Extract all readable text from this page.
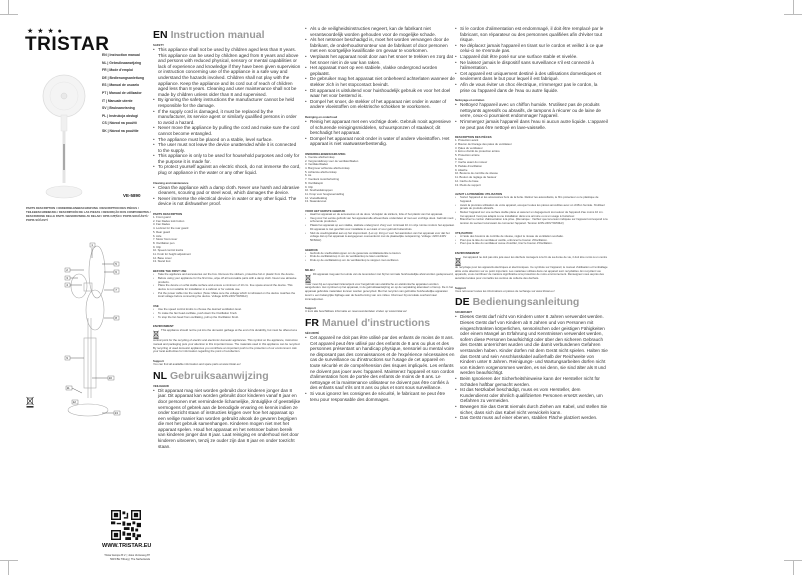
★ ★ ★ ●
TRISTAR
EN | Instruction manual
NL | Gebruiksaanwijzing
FR | Mode d'emploi
DE | Bedienungsanleitung
ES | Manual de usuario
PT | Manual de utilizador
IT | Manuale utente
SV | Bruksanvisning
PL | Instrukcja obsługi
CS | Návod na použití
SK | Návod na použitie
VE-5890
PARTS DESCRIPTION / ONDERDELENBESCHRIJVING / DESCRIPTION DES PIÈCES / TEILEBESCHREIBUNG / DESCRIPCIÓN DE LAS PIEZAS / DESCRIÇÃO DOS COMPONENTES / DESCRIZIONE DELLE PARTI / BESKRIVNING AV DELAR / OPIS CZĘŚCI / POPIS SOUČÁSTÍ / POPIS SÚČASTÍ
1
2
3
4
5
6
7
8
9
10
11
12
13
WWW.TRISTAR.EU
Tristar Europe B.V. | Jules Verneweg 87
5015 BH Tilburg | The Netherlands
EN Instruction manual
SAFETY
• This appliance shall not be used by children aged less than 8 years. This appliance can be used by children aged from 8 years and above and persons with reduced physical, sensory or mental capabilities or lack of experience and knowledge if they have been given supervision or instruction concerning use of the appliance in a safe way and understand the hazards involved. Children shall not play with the appliance. Keep the appliance and its cord out of reach of children aged less than 8 years. Cleaning and user maintenance shall not be made by children unless older than 8 and supervised.
• By ignoring the safety instructions the manufacturer cannot be held responsible for the damage.
• If the supply cord is damaged, it must be replaced by the manufacturer, its service agent or similarly qualified persons in order to avoid a hazard.
• Never move the appliance by pulling the cord and make sure the cord cannot become entangled.
• The appliance must be placed on a stable, level surface.
• The user must not leave the device unattended while it is connected to the supply.
• This appliance is only to be used for household purposes and only for the purpose it is made for.
• To protect yourself against an electric shock, do not immerse the cord, plug or appliance in the water or any other liquid.
Cleaning and maintenance
• Clean the appliance with a damp cloth. Never use harsh and abrasive cleaners, scouring pad or steel wool, which damages the device.
• Never immerse the electrical device in water or any other liquid. The device is not dishwasher proof.
PARTS DESCRIPTION
1. Front guard
2. Fan blades lock button
3. Fan blades
4. Locknut for the rear guard
5. Rear guard
6. Axle
7. Motor front cover
8. Oscillation pen
9. Clip
10. Speed control knobs
11. Knob for height adjustment
12. Base cover
13. Stand foot
BEFORE THE FIRST USE
• Take the appliance and accessories out the box. Remove the stickers, protective foil or plastic from the device.
• Before using your appliance for the first time, wipe off all removable parts with a damp cloth. Never use abrasive products.
• Place the device on a flat stable surface and ensure a minimum of 10 cm. free space around the device. This device is not suitable for installation in a cabinet or for outside use.
• Put the power cable into the socket. (Note: Make sure the voltage which is indicated on the device matches the local voltage before connecting the device. Voltage 220V-240V 50/60Hz)
USE
• Use the speed control knobs to choose the desired ventilation level.
• To make the fan head oscillate, push down the Oscillation Knob.
• To stop the fan head from oscillating, pull up the Oscillation Knob.
ENVIRONMENT
This appliance should not be put into the domestic garbage at the end of its durability, but must be offered at a central point for the recycling of electric and electronic domestic appliances. This symbol on the appliance, instruction manual and packaging puts your attention to this important issue. The materials used in this appliance can be recycled. By recycling of used domestic appliances you contribute an important push to the protection of our environment. Ask your local authorities for information regarding the point of recollection.
Support
You can find all available information and spare parts at www.tristar.eu!
NL Gebruiksaanwijzing
VEILIGHEID
• Dit apparaat mag niet worden gebruikt door kinderen jonger dan 8 jaar. Dit apparaat kan worden gebruikt door kinderen vanaf 8 jaar en door personen met verminderde lichamelijke, zintuiglijke of geestelijke vermogens of gebrek aan de benodigde ervaring en kennis indien ze onder toezicht staan of instructies krijgen over hoe het apparaat op een veilige manier kan worden gebruikt alsook de gevaren begrijpen die met het gebruik samenhangen. Kinderen mogen niet met het apparaat spelen. Houd het apparaat en het netsnoer buiten bereik van kinderen jonger dan 8 jaar. Laat reiniging en onderhoud niet door kinderen uitvoeren, tenzij ze ouder zijn dan 8 jaar en onder toezicht staan.
• Als u de veiligheidsinstructies negeert, kan de fabrikant niet verantwoordelijk worden gehouden voor de mogelijke schade.
• Als het netsnoer beschadigd is, moet het worden vervangen door de fabrikant, de onderhoudsmonteur van de fabrikant of door personen met een soortgelijke kwalificatie om gevaar te voorkomen.
• Verplaats het apparaat nooit door aan het snoer te trekken en zorg dat het snoer niet in de war kan raken.
• Het apparaat moet op een stabiele, vlakke ondergrond worden geplaatst.
• De gebruiker mag het apparaat niet onbeheerd achterlaten wanneer de stekker zich in het stopcontact bevindt.
• Dit apparaat is uitsluitend voor huishoudelijk gebruik en voor het doel waar het voor bestemd is.
• Dompel het snoer, de stekker of het apparaat niet onder in water of andere vloeistoffen om elektrische schokken te voorkomen.
Reiniging en onderhoud
• Reinig het apparaat met een vochtige doek. Gebruik nooit agressieve of schurende reinigingsmiddelen, schuursponzen of staalwol; dit beschadigt het apparaat.
• Dompel het apparaat nooit onder in water of andere vloeistoffen. Het apparaat is niet vaatwasserbestendig.
ONDERDELENBESCHRIJVING
1. Voorste afschermkap
2. Vergrendelknop voor de ventilatorbladen
3. Ventilatorbladen
4. Borgmoer achterste afschermkap
5. Achterste afschermkap
6. As
7. Voorkant motorbehuizing
8. Oscillatiepin
9. Clip
10. Snelheidsknoppen
11. Knop voor hoogteverstelling
12. Voetafdekking
13. Staandervoet
VOOR HET EERSTE GEBRUIK
• Haal het apparaat en de accessoires uit de doos. Verwijder de stickers, folie of het plastic van het apparaat.
• Veeg voor het eerste gebruik van het apparaat alle afneembare onderdelen af met een vochtige doek. Gebruik nooit schurende producten.
• Plaats het apparaat op een vlakke, stabiele ondergrond. Zorg voor minimaal 10 cm vrije ruimte rondom het apparaat. Dit apparaat is niet geschikt voor installatie in een kast of voor gebruik buitenshuis.
• Sluit de voedingskabel aan op het stopcontact. (Let op: Zorg er voor het aansluiten van het apparaat voor dat het voltage dat op het apparaat is aangegeven overeenkomt met de plaatselijke netspanning. Voltage: 220V-240V 50/60Hz)
GEBRUIK
• Gebruik de snelheidsknoppen om de gewenste ventilatiesterkte te kiezen.
• Druk de oscillatieknop in om de ventilatorkop te laten oscilleren.
• Druk op de oscillatieknop om de ventilatorkop te stoppen met oscilleren.
MILIEU
Dit apparaat mag aan het einde van de levensduur niet bij het normale huishoudelijke afval worden gedeponeerd, maar moet bij een speciaal inzamelpunt voor hergebruik van elektrische en elektronische apparaten worden aangeboden. Het symbool op het apparaat, in de gebruiksaanwijzing en op de verpakking attendeert u hierop. De in het apparaat gebruikte materialen kunnen worden gerecycled. Met het recyclen van gebruikte huishoudelijke apparaten levert u een belangrijke bijdrage aan de bescherming van ons milieu. Informeer bij uw lokale overheid naar inzamelpunten.
Support
U kunt alle beschikbare informatie en reserveonderdelen vinden op www.tristar.eu!
FR Manuel d'instructions
SÉCURITÉ
• Cet appareil ne doit pas être utilisé par des enfants de moins de 8 ans. Cet appareil peut être utilisé par des enfants de 8 ans ou plus et des personnes présentant un handicap physique, sensoriel ou mental voire ne disposant pas des connaissances et de l'expérience nécessaires en cas de surveillance ou d'instructions sur l'usage de cet appareil en toute sécurité et de compréhension des risques impliqués. Les enfants ne doivent pas jouer avec l'appareil. Maintenez l'appareil et son cordon d'alimentation hors de portée des enfants de moins de 8 ans. Le nettoyage et la maintenance utilisateur ne doivent pas être confiés à des enfants sauf s'ils ont 8 ans ou plus et sont sous surveillance.
• Si vous ignorez les consignes de sécurité, le fabricant ne peut être tenu pour responsable des dommages.
• Si le cordon d'alimentation est endommagé, il doit être remplacé par le fabricant, son réparateur ou des personnes qualifiées afin d'éviter tout risque.
• Ne déplacez jamais l'appareil en tirant sur le cordon et veillez à ce que celui-ci ne s'enroule pas.
• L'appareil doit être posé sur une surface stable et nivelée.
• Ne laissez jamais le dispositif sans surveillance s'il est connecté à l'alimentation.
• Cet appareil est uniquement destiné à des utilisations domestiques et seulement dans le but pour lequel il est fabriqué.
• Afin de vous éviter un choc électrique, n'immergez pas le cordon, la prise ou l'appareil dans de l'eau ou autre liquide.
Nettoyage et entretien
• Nettoyez l'appareil avec un chiffon humide. N'utilisez pas de produits nettoyants agressifs ou abrasifs, de tampons à récurer ou de laine de verre, ceux-ci pourraient endommager l'appareil.
• N'immergez jamais l'appareil dans l'eau ni aucun autre liquide. L'appareil ne peut pas être nettoyé en lave-vaisselle.
DESCRIPTION DES PIÈCES
1. Protection avant
2. Bouton de blocage des pales du ventilateur
3. Pales du ventilateur
4. Écrou d'arrêt de protection arrière
5. Protection arrière
6. Axe
7. Cache avant du moteur
8. Pédale d'oscillation
9. Attache
10. Boutons de contrôle de vitesse
11. Bouton de réglage de hauteur
12. Cache de base
13. Pieds de support
AVANT LA PREMIÈRE UTILISATION
• Sortez l'appareil et les accessoires hors de la boîte. Retirez les autocollants, le film protecteur ou le plastique de l'appareil.
• Avant la première utilisation de votre appareil, essuyez toutes les pièces amovibles avec un chiffon humide. N'utilisez jamais de produits abrasifs.
• Mettez l'appareil sur une surface stable plane et assurez un dégagement tout autour de l'appareil d'au moins 10 cm. Cet appareil n'est pas adapté à une installation dans une armoire ou à un usage à l'extérieur.
• Branchez le cordon d'alimentation à la prise. (Remarque : Vérifiez que la tension indiquée sur l'appareil correspond à la tension du secteur local avant de connecter l'appareil. Tension 220V-240V 50/60Hz)
UTILISATION
• À l'aide des boutons de contrôle de vitesse, réglez le niveau de ventilation souhaité.
• Pour que la tête du ventilateur oscille, enfoncez le bouton d'Oscillation.
• Pour que la tête du ventilateur cesse d'osciller, tirez le bouton d'Oscillation.
ENVIRONNEMENT
Cet appareil ne doit pas être jeté avec les déchets ménagers à la fin de sa durée de vie, il doit être remis à un centre de recyclage pour les appareils électriques et électroniques. Ce symbole sur l'appareil, le manuel d'utilisation et l'emballage attire votre attention sur ce point important. Les matériaux utilisés dans cet appareil sont recyclables. En recyclant vos appareils, vous contribuez de manière significative à la protection de notre environnement. Renseignez-vous auprès des autorités locales pour connaître les centres de collecte des déchets.
Support
Vous retrouvez toutes les informations et pièces de rechange sur www.tristar.eu !
DE Bedienungsanleitung
SICHERHEIT
• Dieses Gerät darf nicht von Kindern unter 8 Jahren verwendet werden. Dieses Gerät darf von Kindern ab 8 Jahren und von Personen mit eingeschränkten körperlichen, sensorischen oder geistigen Fähigkeiten oder einem Mangel an Erfahrung und Kenntnissen verwendet werden, sofern diese Personen beaufsichtigt oder über den sicheren Gebrauch des Geräts unterrichtet wurden und die damit verbundenen Gefahren verstanden haben. Kinder dürfen mit dem Gerät nicht spielen. Halten Sie das Gerät und sein Anschlusskabel außerhalb der Reichweite von Kindern unter 8 Jahren. Reinigungs- und Wartungsarbeiten dürfen nicht von Kindern vorgenommen werden, es sei denn, sie sind älter als 8 und werden beaufsichtigt.
• Beim Ignorieren der Sicherheitshinweise kann der Hersteller nicht für Schäden haftbar gemacht werden.
• Ist das Netzkabel beschädigt, muss es vom Hersteller, dem Kundendienst oder ähnlich qualifizierten Personen ersetzt werden, um Gefahren zu vermeiden.
• Bewegen Sie das Gerät niemals durch Ziehen am Kabel, und stellen Sie sicher, dass sich das Kabel nicht verwickeln kann.
• Das Gerät muss auf einer ebenen, stabilen Fläche platziert werden.
